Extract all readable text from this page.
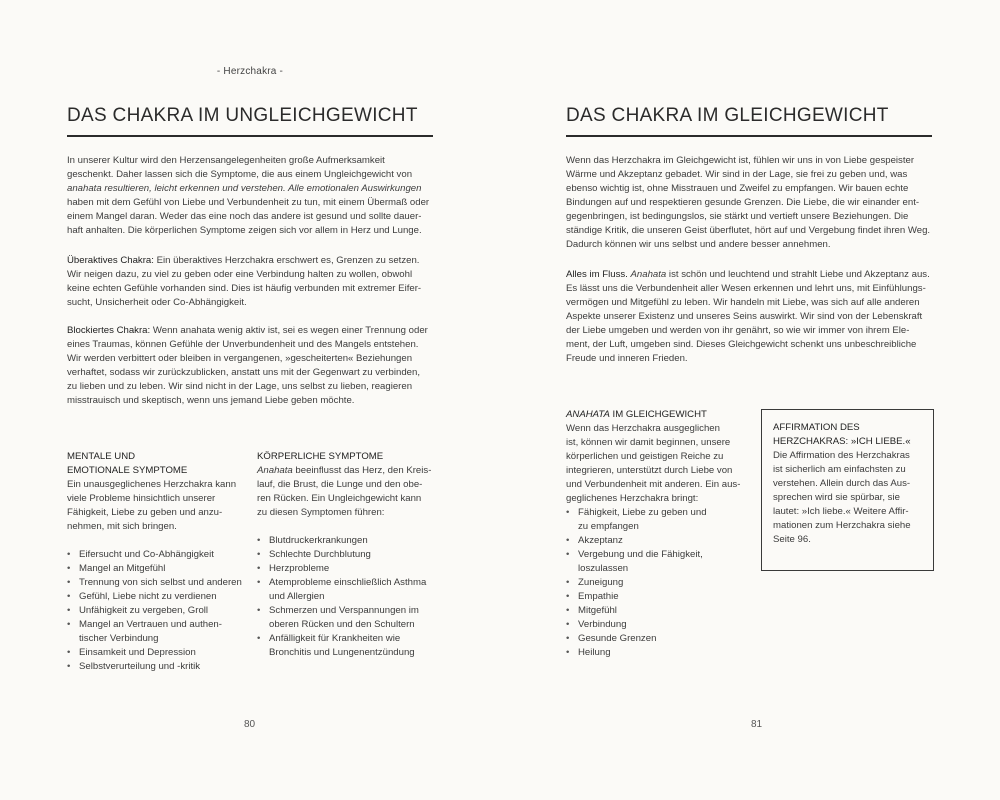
- Herzchakra -
DAS CHAKRA IM UNGLEICHGEWICHT
In unserer Kultur wird den Herzensangelegenheiten große Aufmerksamkeit
geschenkt. Daher lassen sich die Symptome, die aus einem Ungleichgewicht von
anahata resultieren, leicht erkennen und verstehen. Alle emotionalen Auswirkungen
haben mit dem Gefühl von Liebe und Verbundenheit zu tun, mit einem Übermaß oder
einem Mangel daran. Weder das eine noch das andere ist gesund und sollte dauer-
haft anhalten. Die körperlichen Symptome zeigen sich vor allem in Herz und Lunge.
Überaktives Chakra: Ein überaktives Herzchakra erschwert es, Grenzen zu setzen.
Wir neigen dazu, zu viel zu geben oder eine Verbindung halten zu wollen, obwohl
keine echten Gefühle vorhanden sind. Dies ist häufig verbunden mit extremer Eifer-
sucht, Unsicherheit oder Co-Abhängigkeit.
Blockiertes Chakra: Wenn anahata wenig aktiv ist, sei es wegen einer Trennung oder
eines Traumas, können Gefühle der Unverbundenheit und des Mangels entstehen.
Wir werden verbittert oder bleiben in vergangenen, »gescheiterten« Beziehungen
verhaftet, sodass wir zurückzublicken, anstatt uns mit der Gegenwart zu verbinden,
zu lieben und zu leben. Wir sind nicht in der Lage, uns selbst zu lieben, reagieren
misstrauisch und skeptisch, wenn uns jemand Liebe geben möchte.
MENTALE UND
EMOTIONALE SYMPTOME
Ein unausgeglichenes Herzchakra kann
viele Probleme hinsichtlich unserer
Fähigkeit, Liebe zu geben und anzu-
nehmen, mit sich bringen.
• Eifersucht und Co-Abhängigkeit
• Mangel an Mitgefühl
• Trennung von sich selbst und anderen
• Gefühl, Liebe nicht zu verdienen
• Unfähigkeit zu vergeben, Groll
• Mangel an Vertrauen und authen-
tischer Verbindung
• Einsamkeit und Depression
• Selbstverurteilung und -kritik
KÖRPERLICHE SYMPTOME
Anahata beeinflusst das Herz, den Kreis-
lauf, die Brust, die Lunge und den obe-
ren Rücken. Ein Ungleichgewicht kann
zu diesen Symptomen führen:
• Blutdruckerkrankungen
• Schlechte Durchblutung
• Herzprobleme
• Atemprobleme einschließlich Asthma
und Allergien
• Schmerzen und Verspannungen im
oberen Rücken und den Schultern
• Anfälligkeit für Krankheiten wie
Bronchitis und Lungenentzündung
80
DAS CHAKRA IM GLEICHGEWICHT
Wenn das Herzchakra im Gleichgewicht ist, fühlen wir uns in von Liebe gespeister
Wärme und Akzeptanz gebadet. Wir sind in der Lage, sie frei zu geben und, was
ebenso wichtig ist, ohne Misstrauen und Zweifel zu empfangen. Wir bauen echte
Bindungen auf und respektieren gesunde Grenzen. Die Liebe, die wir einander ent-
gegenbringen, ist bedingungslos, sie stärkt und vertieft unsere Beziehungen. Die
ständige Kritik, die unseren Geist überflutet, hört auf und Vergebung findet ihren Weg.
Dadurch können wir uns selbst und andere besser annehmen.
Alles im Fluss. Anahata ist schön und leuchtend und strahlt Liebe und Akzeptanz aus.
Es lässt uns die Verbundenheit aller Wesen erkennen und lehrt uns, mit Einfühlungs-
vermögen und Mitgefühl zu leben. Wir handeln mit Liebe, was sich auf alle anderen
Aspekte unserer Existenz und unseres Seins auswirkt. Wir sind von der Lebenskraft
der Liebe umgeben und werden von ihr genährt, so wie wir immer von ihrem Ele-
ment, der Luft, umgeben sind. Dieses Gleichgewicht schenkt uns unbeschreibliche
Freude und inneren Frieden.
ANAHATA IM GLEICHGEWICHT
Wenn das Herzchakra ausgeglichen
ist, können wir damit beginnen, unsere
körperlichen und geistigen Reiche zu
integrieren, unterstützt durch Liebe von
und Verbundenheit mit anderen. Ein aus-
geglichenes Herzchakra bringt:
• Fähigkeit, Liebe zu geben und
zu empfangen
• Akzeptanz
• Vergebung und die Fähigkeit,
loszulassen
• Zuneigung
• Empathie
• Mitgefühl
• Verbindung
• Gesunde Grenzen
• Heilung
AFFIRMATION DES
HERZCHAKRAS: »ICH LIEBE.«
Die Affirmation des Herzchakras
ist sicherlich am einfachsten zu
verstehen. Allein durch das Aus-
sprechen wird sie spürbar, sie
lautet: »Ich liebe.« Weitere Affir-
mationen zum Herzchakra siehe
Seite 96.
81
